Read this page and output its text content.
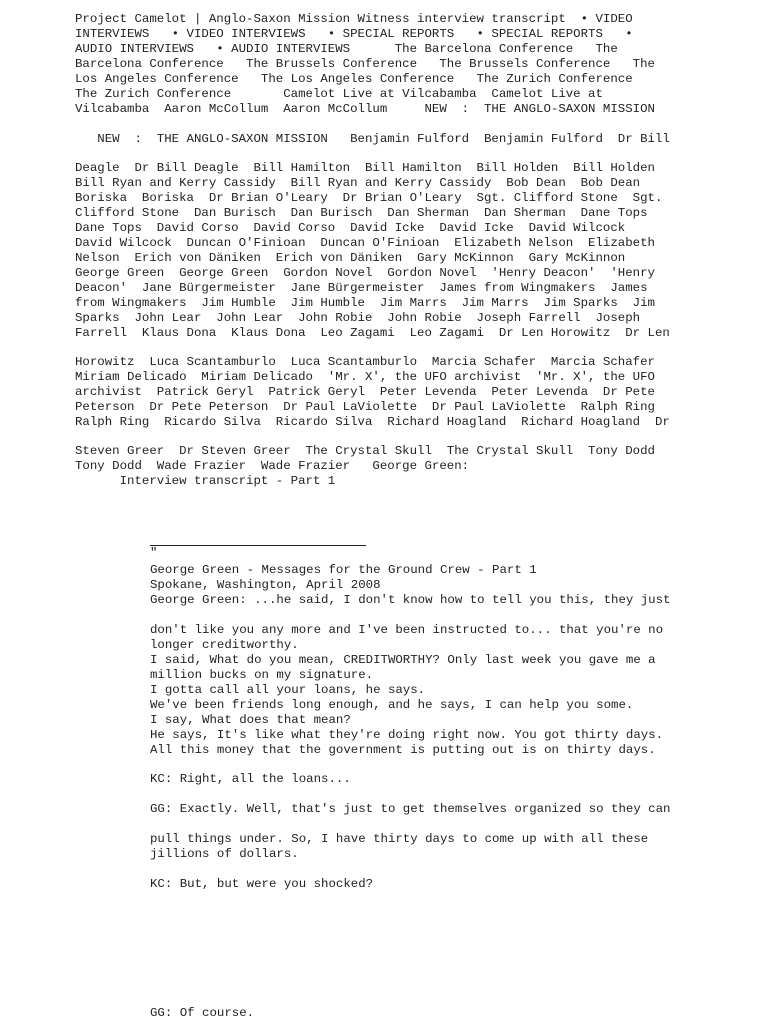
Project Camelot | Anglo-Saxon Mission Witness interview transcript  • VIDEO
INTERVIEWS   • VIDEO INTERVIEWS   • SPECIAL REPORTS   • SPECIAL REPORTS   •
AUDIO INTERVIEWS   • AUDIO INTERVIEWS      The Barcelona Conference   The
Barcelona Conference   The Brussels Conference   The Brussels Conference   The
Los Angeles Conference   The Los Angeles Conference   The Zurich Conference
The Zurich Conference       Camelot Live at Vilcabamba  Camelot Live at
Vilcabamba  Aaron McCollum  Aaron McCollum     NEW  :  THE ANGLO-SAXON MISSION
NEW  :  THE ANGLO-SAXON MISSION   Benjamin Fulford  Benjamin Fulford  Dr Bill
Deagle  Dr Bill Deagle  Bill Hamilton  Bill Hamilton  Bill Holden  Bill Holden
Bill Ryan and Kerry Cassidy  Bill Ryan and Kerry Cassidy  Bob Dean  Bob Dean
Boriska  Boriska  Dr Brian O'Leary  Dr Brian O'Leary  Sgt. Clifford Stone  Sgt.
Clifford Stone  Dan Burisch  Dan Burisch  Dan Sherman  Dan Sherman  Dane Tops
Dane Tops  David Corso  David Corso  David Icke  David Icke  David Wilcock
David Wilcock  Duncan O'Finioan  Duncan O'Finioan  Elizabeth Nelson  Elizabeth
Nelson  Erich von Däniken  Erich von Däniken  Gary McKinnon  Gary McKinnon
George Green  George Green  Gordon Novel  Gordon Novel  'Henry Deacon'  'Henry
Deacon'  Jane Bürgermeister  Jane Bürgermeister  James from Wingmakers  James
from Wingmakers  Jim Humble  Jim Humble  Jim Marrs  Jim Marrs  Jim Sparks  Jim
Sparks  John Lear  John Lear  John Robie  John Robie  Joseph Farrell  Joseph
Farrell  Klaus Dona  Klaus Dona  Leo Zagami  Leo Zagami  Dr Len Horowitz  Dr Len
Horowitz  Luca Scantamburlo  Luca Scantamburlo  Marcia Schafer  Marcia Schafer
Miriam Delicado  Miriam Delicado  'Mr. X', the UFO archivist  'Mr. X', the UFO
archivist  Patrick Geryl  Patrick Geryl  Peter Levenda  Peter Levenda  Dr Pete
Peterson  Dr Pete Peterson  Dr Paul LaViolette  Dr Paul LaViolette  Ralph Ring
Ralph Ring  Ricardo Silva  Ricardo Silva  Richard Hoagland  Richard Hoagland  Dr
Steven Greer  Dr Steven Greer  The Crystal Skull  The Crystal Skull  Tony Dodd
Tony Dodd  Wade Frazier  Wade Frazier   George Green:
Interview transcript - Part 1
"
George Green - Messages for the Ground Crew - Part 1
Spokane, Washington, April 2008
George Green: ...he said, I don't know how to tell you this, they just
don't like you any more and I've been instructed to... that you're no
longer creditworthy.
I said, What do you mean, CREDITWORTHY? Only last week you gave me a
million bucks on my signature.
I gotta call all your loans, he says.
We've been friends long enough, and he says, I can help you some.
I say, What does that mean?
He says, It's like what they're doing right now. You got thirty days.
All this money that the government is putting out is on thirty days.
KC: Right, all the loans...
GG: Exactly. Well, that's just to get themselves organized so they can
pull things under. So, I have thirty days to come up with all these
jillions of dollars.
KC: But, but were you shocked?
GG: Of course.
